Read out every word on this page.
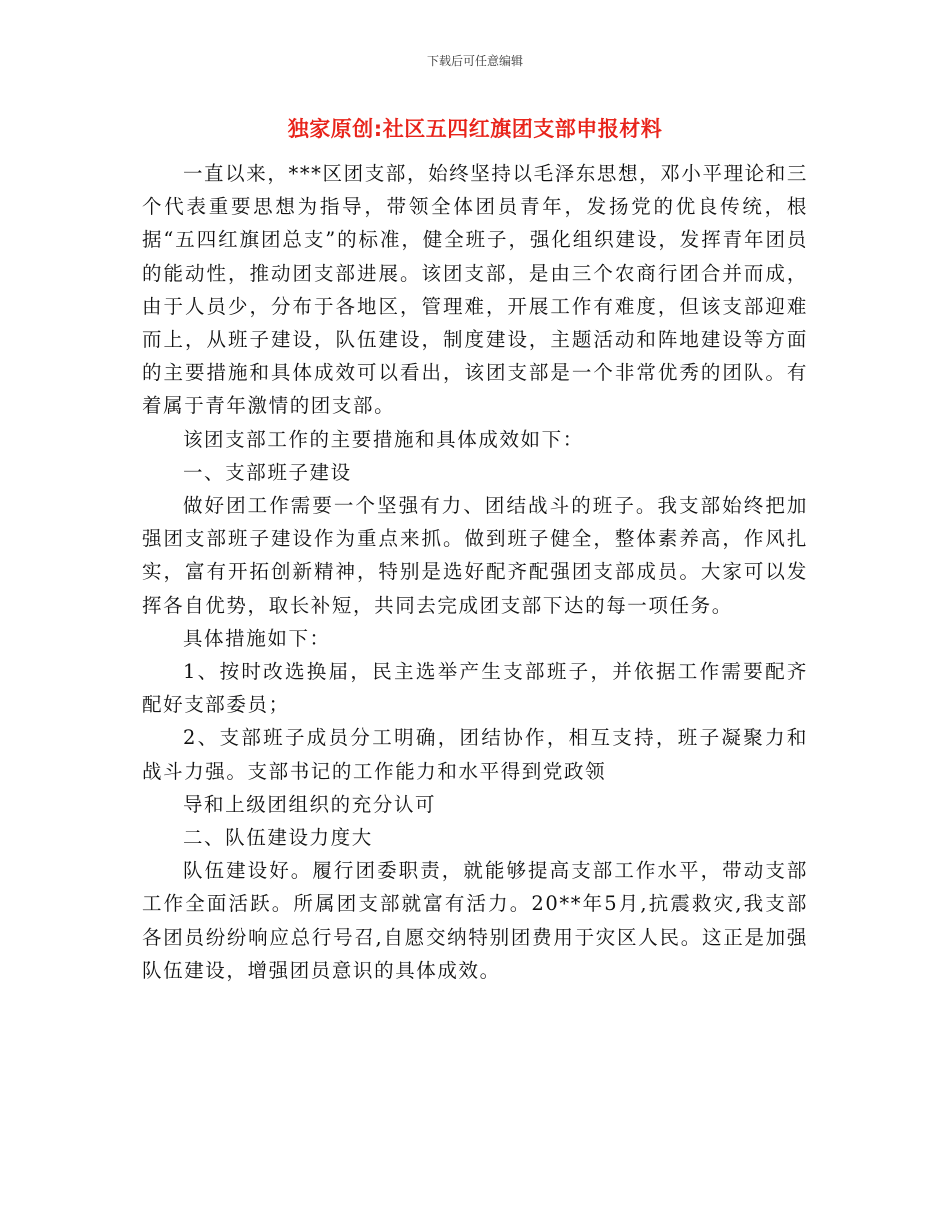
下载后可任意编辑
独家原创:社区五四红旗团支部申报材料

一直以来，***区团支部，始终坚持以毛泽东思想，邓小平理论和三个代表重要思想为指导，带领全体团员青年，发扬党的优良传统，根据“五四红旗团总支”的标准，健全班子，强化组织建设，发挥青年团员的能动性，推动团支部进展。该团支部，是由三个农商行团合并而成，由于人员少，分布于各地区，管理难，开展工作有难度，但该支部迎难而上，从班子建设，队伍建设，制度建设，主题活动和阵地建设等方面的主要措施和具体成效可以看出，该团支部是一个非常优秀的团队。有着属于青年激情的团支部。

该团支部工作的主要措施和具体成效如下：

一、支部班子建设

做好团工作需要一个坚强有力、团结战斗的班子。我支部始终把加强团支部班子建设作为重点来抓。做到班子健全，整体素养高，作风扎实，富有开拓创新精神，特别是选好配齐配强团支部成员。大家可以发挥各自优势，取长补短，共同去完成团支部下达的每一项任务。

具体措施如下：

1、按时改选换届，民主选举产生支部班子，并依据工作需要配齐配好支部委员；

2、支部班子成员分工明确，团结协作，相互支持，班子凝聚力和战斗力强。支部书记的工作能力和水平得到党政领

导和上级团组织的充分认可

二、队伍建设力度大

队伍建设好。履行团委职责，就能够提高支部工作水平，带动支部工作全面活跃。所属团支部就富有活力。20**年5月,抗震救灾,我支部各团员纷纷响应总行号召,自愿交纳特别团费用于灾区人民。这正是加强队伍建设，增强团员意识的具体成效。
